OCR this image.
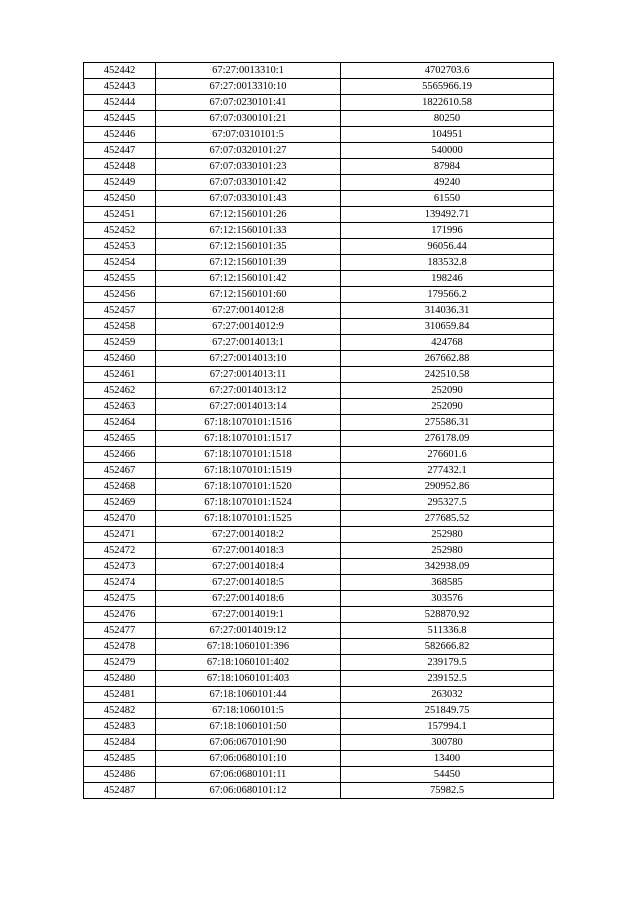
452442	67:27:0013310:1	4702703.6
452443	67:27:0013310:10	5565966.19
452444	67:07:0230101:41	1822610.58
452445	67:07:0300101:21	80250
452446	67:07:0310101:5	104951
452447	67:07:0320101:27	540000
452448	67:07:0330101:23	87984
452449	67:07:0330101:42	49240
452450	67:07:0330101:43	61550
452451	67:12:1560101:26	139492.71
452452	67:12:1560101:33	171996
452453	67:12:1560101:35	96056.44
452454	67:12:1560101:39	183532.8
452455	67:12:1560101:42	198246
452456	67:12:1560101:60	179566.2
452457	67:27:0014012:8	314036.31
452458	67:27:0014012:9	310659.84
452459	67:27:0014013:1	424768
452460	67:27:0014013:10	267662.88
452461	67:27:0014013:11	242510.58
452462	67:27:0014013:12	252090
452463	67:27:0014013:14	252090
452464	67:18:1070101:1516	275586.31
452465	67:18:1070101:1517	276178.09
452466	67:18:1070101:1518	276601.6
452467	67:18:1070101:1519	277432.1
452468	67:18:1070101:1520	290952.86
452469	67:18:1070101:1524	295327.5
452470	67:18:1070101:1525	277685.52
452471	67:27:0014018:2	252980
452472	67:27:0014018:3	252980
452473	67:27:0014018:4	342938.09
452474	67:27:0014018:5	368585
452475	67:27:0014018:6	303576
452476	67:27:0014019:1	528870.92
452477	67:27:0014019:12	511336.8
452478	67:18:1060101:396	582666.82
452479	67:18:1060101:402	239179.5
452480	67:18:1060101:403	239152.5
452481	67:18:1060101:44	263032
452482	67:18:1060101:5	251849.75
452483	67:18:1060101:50	157994.1
452484	67:06:0670101:90	300780
452485	67:06:0680101:10	13400
452486	67:06:0680101:11	54450
452487	67:06:0680101:12	75982.5
